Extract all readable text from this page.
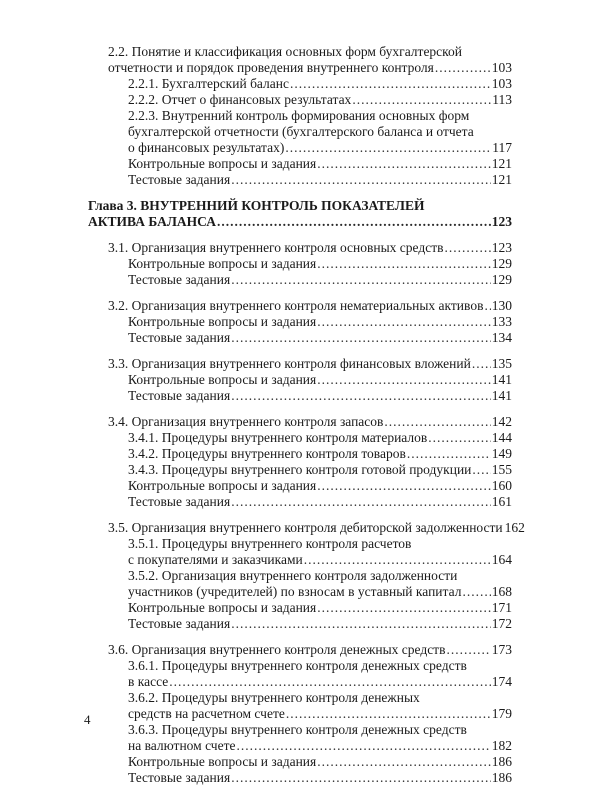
2.2. Понятие и классификация основных форм бухгалтерской
отчетности и порядок проведения внутреннего контроля .....	103
2.2.1. Бухгалтерский баланс .....	103
2.2.2. Отчет о финансовых результатах .....	113
2.2.3. Внутренний контроль формирования основных форм
бухгалтерской отчетности (бухгалтерского баланса и отчета
о финансовых результатах) .....	117
Контрольные вопросы и задания .....	121
Тестовые задания .....	121
Глава 3. ВНУТРЕННИЙ КОНТРОЛЬ ПОКАЗАТЕЛЕЙ
АКТИВА БАЛАНСА .....	123
3.1. Организация внутреннего контроля основных средств .....	123
Контрольные вопросы и задания .....	129
Тестовые задания .....	129
3.2. Организация внутреннего контроля нематериальных активов ..... 130
Контрольные вопросы и задания .....	133
Тестовые задания .....	134
3.3. Организация внутреннего контроля финансовых вложений ..... 135
Контрольные вопросы и задания .....	141
Тестовые задания .....	141
3.4. Организация внутреннего контроля запасов .....	142
3.4.1. Процедуры внутреннего контроля материалов .....	144
3.4.2. Процедуры внутреннего контроля товаров .....	149
3.4.3. Процедуры внутреннего контроля готовой продукции ..... 155
Контрольные вопросы и задания .....	160
Тестовые задания .....	161
3.5. Организация внутреннего контроля дебиторской задолженности 162
3.5.1. Процедуры внутреннего контроля расчетов
с покупателями и заказчиками .....	164
3.5.2. Организация внутреннего контроля задолженности
участников (учредителей) по взносам в уставный капитал ..... 168
Контрольные вопросы и задания .....	171
Тестовые задания .....	172
3.6. Организация внутреннего контроля денежных средств .....	173
3.6.1. Процедуры внутреннего контроля денежных средств
в кассе .....	174
3.6.2. Процедуры внутреннего контроля денежных
средств на расчетном счете .....	179
3.6.3. Процедуры внутреннего контроля денежных средств
на валютном счете .....	182
Контрольные вопросы и задания .....	186
Тестовые задания .....	186
4
